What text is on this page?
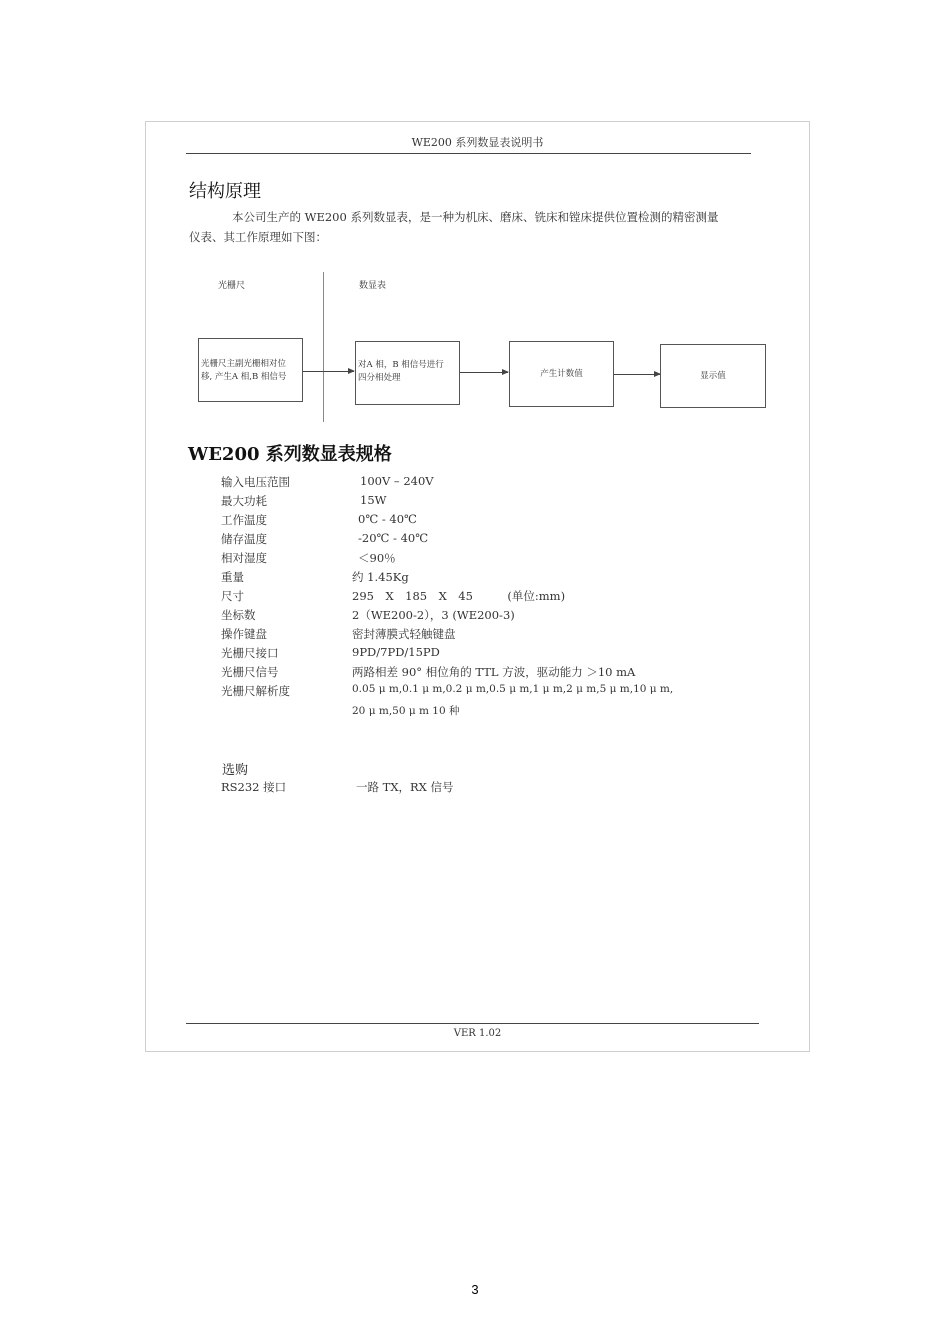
WE200 系列数显表说明书
结构原理
本公司生产的 WE200 系列数显表，是一种为机床、磨床、铣床和镗床提供位置检测的精密测量
仪表、其工作原理如下图：
光栅尺	数显表
光栅尺主副光栅相对位
移, 产生A 相,B 相信号
对A 相，B 相信号进行
四分相处理	产生计数值	显示值
WE200 系列数显表规格
输入电压范围	100V – 240V
最大功耗	15W
工作温度	0℃ - 40℃
储存温度	-20℃ - 40℃
相对湿度	＜90％
重量	约 1.45Kg
尺寸	295　X　185　X　45　　　(单位:mm)
坐标数	2（WE200-2），3 (WE200-3)
操作键盘	密封薄膜式轻触键盘
光栅尺接口	9PD/7PD/15PD
光栅尺信号	两路相差 90° 相位角的 TTL 方波，驱动能力 ＞10 mA
光栅尺解析度	0.05 μ m,0.1 μ m,0.2 μ m,0.5 μ m,1 μ m,2 μ m,5 μ m,10 μ m,
20 μ m,50 μ m 10 种
选购
RS232 接口	一路 TX，RX 信号
VER 1.02
3
